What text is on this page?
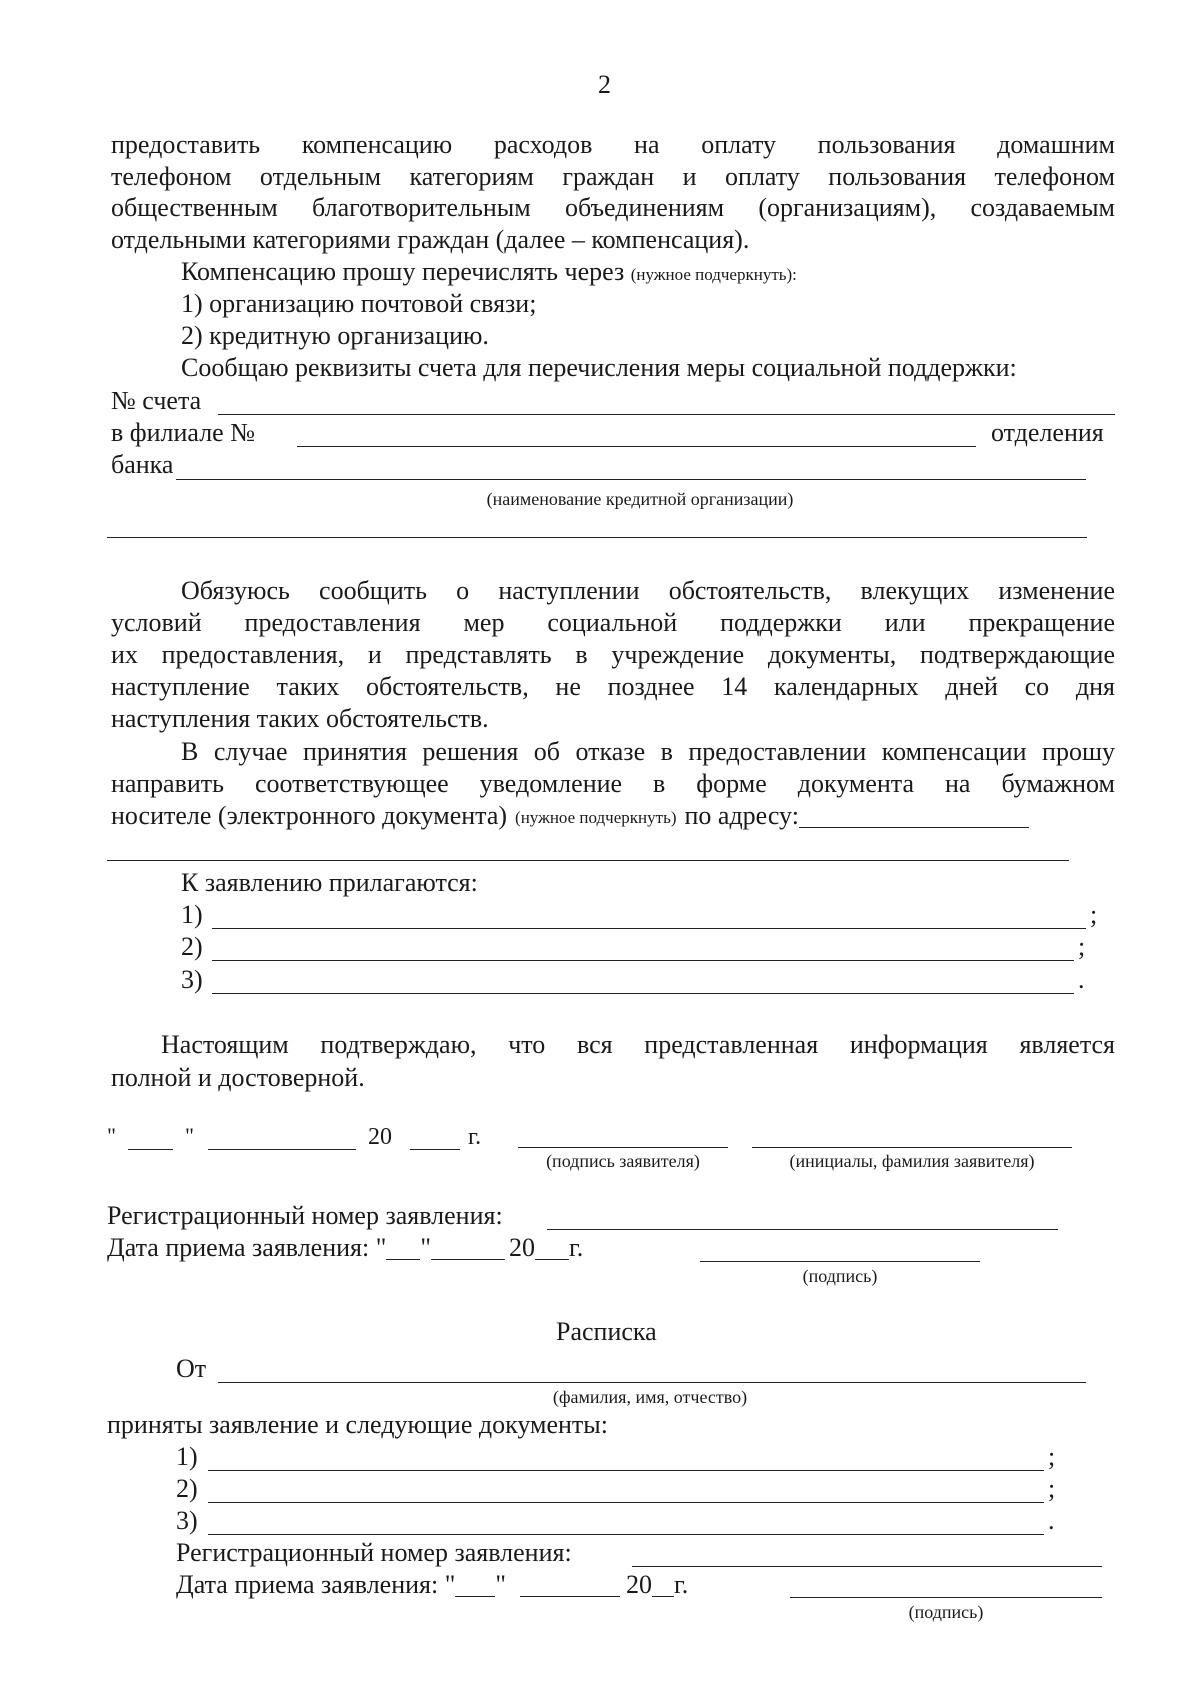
2
предоставить компенсацию расходов на оплату пользования домашним
телефоном отдельным категориям граждан и оплату пользования телефоном
общественным благотворительным объединениям (организациям), создаваемым
отдельными категориями граждан (далее – компенсация).
Компенсацию прошу перечислять через (нужное подчеркнуть):
1) организацию почтовой связи;
2) кредитную организацию.
Сообщаю реквизиты счета для перечисления меры социальной поддержки:
№ счета
в филиале №	отделения
банка
(наименование кредитной организации)
Обязуюсь сообщить о наступлении обстоятельств, влекущих изменение
условий предоставления мер социальной поддержки или прекращение
их предоставления, и представлять в учреждение документы, подтверждающие
наступление таких обстоятельств, не позднее 14 календарных дней со дня
наступления таких обстоятельств.
В случае принятия решения об отказе в предоставлении компенсации прошу
направить соответствующее уведомление в форме документа на бумажном
носителе (электронного документа) (нужное подчеркнуть) по адресу:
К заявлению прилагаются:
1)	;
2)	;
3)	.
Настоящим подтверждаю, что вся представленная информация является
полной и достоверной.
"	"	20	г.
(подпись заявителя)	(инициалы, фамилия заявителя)
Регистрационный номер заявления:
Дата приема заявления: " "	20 г.
(подпись)
Расписка
От
(фамилия, имя, отчество)
приняты заявление и следующие документы:
1)	;
2)	;
3)	.
Регистрационный номер заявления:
Дата приема заявления: " "	20 г.
(подпись)
